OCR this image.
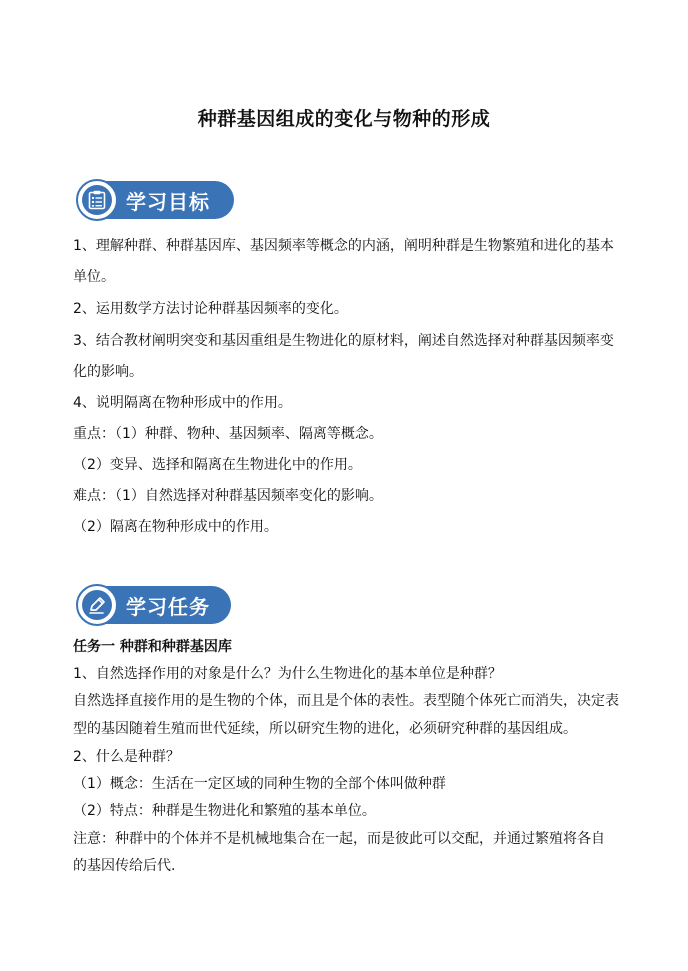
种群基因组成的变化与物种的形成
学习目标
1、理解种群、种群基因库、基因频率等概念的内涵，阐明种群是生物繁殖和进化的基本
单位。
2、运用数学方法讨论种群基因频率的变化。
3、结合教材阐明突变和基因重组是生物进化的原材料，阐述自然选择对种群基因频率变
化的影响。
4、说明隔离在物种形成中的作用。
重点：（1）种群、物种、基因频率、隔离等概念。
（2）变异、选择和隔离在生物进化中的作用。
难点：（1）自然选择对种群基因频率变化的影响。
（2）隔离在物种形成中的作用。
学习任务
任务一 种群和种群基因库
1、自然选择作用的对象是什么？为什么生物进化的基本单位是种群？
自然选择直接作用的是生物的个体，而且是个体的表性。表型随个体死亡而消失，决定表
型的基因随着生殖而世代延续，所以研究生物的进化，必须研究种群的基因组成。
2、什么是种群？
（1）概念：生活在一定区域的同种生物的全部个体叫做种群
（2）特点：种群是生物进化和繁殖的基本单位。
注意：种群中的个体并不是机械地集合在一起，而是彼此可以交配，并通过繁殖将各自
的基因传给后代.
